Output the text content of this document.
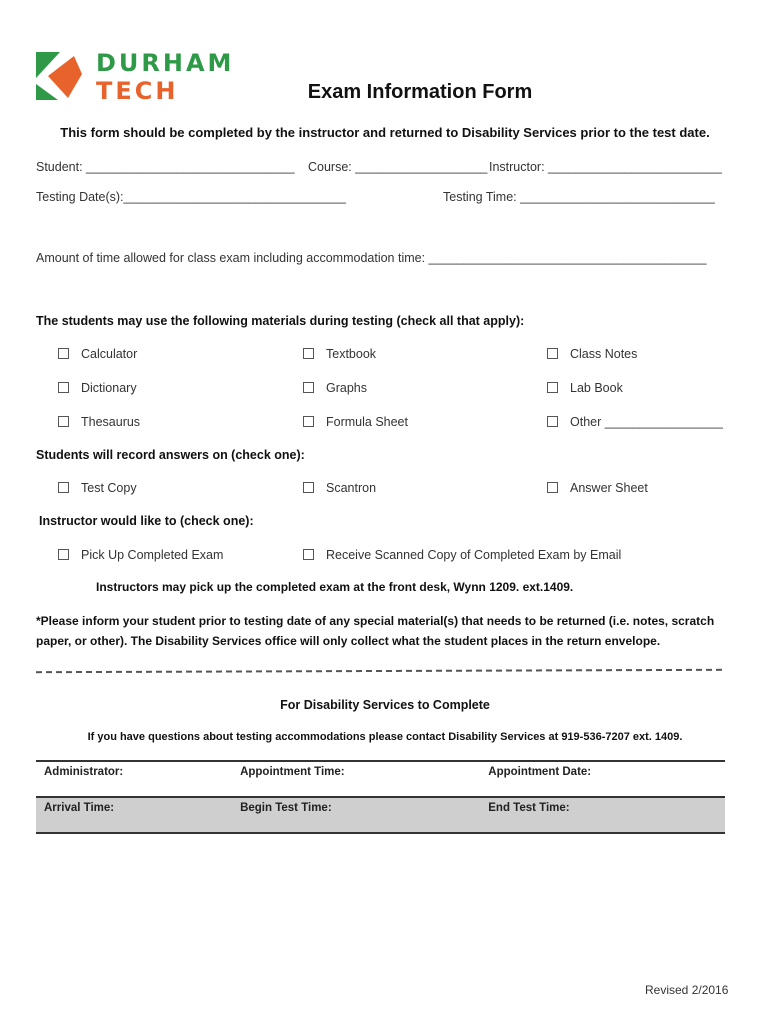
DURHAM
TECH	Exam Information Form
This form should be completed by the instructor and returned to Disability Services prior to the test date.
Student: ______________________________ Course: ___________________ Instructor: _________________________
Testing Date(s):________________________________	Testing Time: ____________________________
Amount of time allowed for class exam including accommodation time: ________________________________________
The students may use the following materials during testing (check all that apply):
Calculator	Textbook	Class Notes
Dictionary	Graphs	Lab Book
Thesaurus	Formula Sheet	Other _________________
Students will record answers on (check one):
Test Copy	Scantron	Answer Sheet
Instructor would like to (check one):
Pick Up Completed Exam	Receive Scanned Copy of Completed Exam by Email
Instructors may pick up the completed exam at the front desk, Wynn 1209. ext.1409.
*Please inform your student prior to testing date of any special material(s) that needs to be returned (i.e. notes, scratch
paper, or other). The Disability Services office will only collect what the student places in the return envelope.
For Disability Services to Complete
If you have questions about testing accommodations please contact Disability Services at 919-536-7207 ext. 1409.
Administrator:	Appointment Time:	Appointment Date:
Arrival Time:	Begin Test Time:	End Test Time:
Revised 2/2016
